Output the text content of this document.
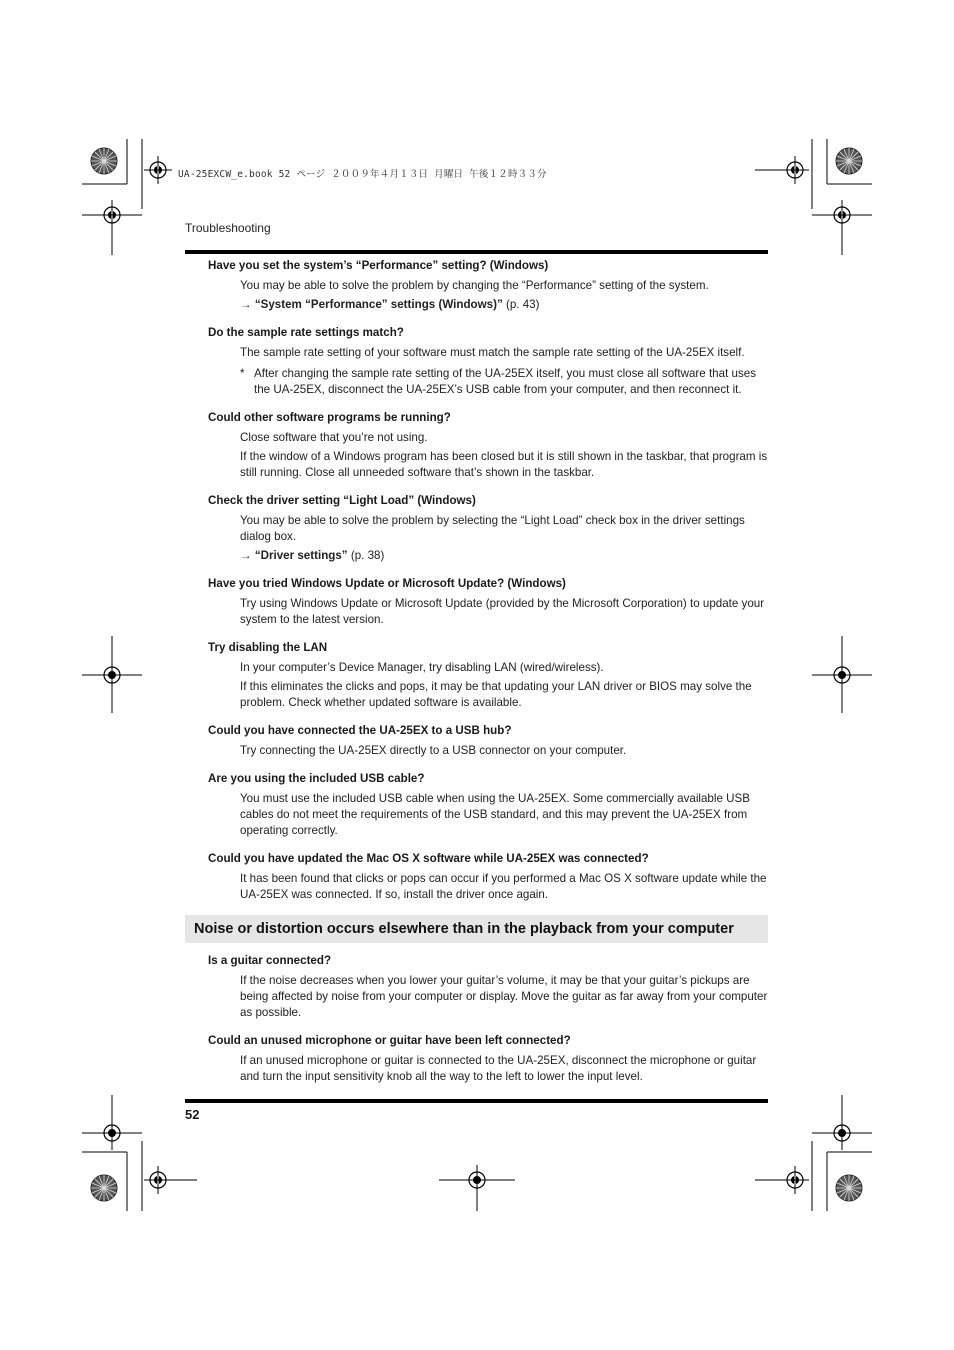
UA-25EXCW_e.book 52 ページ ２００９年４月１３日 月曜日 午後１２時３３分
Troubleshooting
Have you set the system’s “Performance” setting? (Windows)
You may be able to solve the problem by changing the “Performance” setting of the system.
→ “System “Performance” settings (Windows)” (p. 43)
Do the sample rate settings match?
The sample rate setting of your software must match the sample rate setting of the UA-25EX itself.
* After changing the sample rate setting of the UA-25EX itself, you must close all software that uses the UA-25EX, disconnect the UA-25EX’s USB cable from your computer, and then reconnect it.
Could other software programs be running?
Close software that you’re not using.
If the window of a Windows program has been closed but it is still shown in the taskbar, that program is still running. Close all unneeded software that’s shown in the taskbar.
Check the driver setting “Light Load” (Windows)
You may be able to solve the problem by selecting the “Light Load” check box in the driver settings dialog box.
→ “Driver settings” (p. 38)
Have you tried Windows Update or Microsoft Update? (Windows)
Try using Windows Update or Microsoft Update (provided by the Microsoft Corporation) to update your system to the latest version.
Try disabling the LAN
In your computer’s Device Manager, try disabling LAN (wired/wireless).
If this eliminates the clicks and pops, it may be that updating your LAN driver or BIOS may solve the problem. Check whether updated software is available.
Could you have connected the UA-25EX to a USB hub?
Try connecting the UA-25EX directly to a USB connector on your computer.
Are you using the included USB cable?
You must use the included USB cable when using the UA-25EX. Some commercially available USB cables do not meet the requirements of the USB standard, and this may prevent the UA-25EX from operating correctly.
Could you have updated the Mac OS X software while UA-25EX was connected?
It has been found that clicks or pops can occur if you performed a Mac OS X software update while the UA-25EX was connected. If so, install the driver once again.
Noise or distortion occurs elsewhere than in the playback from your computer
Is a guitar connected?
If the noise decreases when you lower your guitar’s volume, it may be that your guitar’s pickups are being affected by noise from your computer or display. Move the guitar as far away from your computer as possible.
Could an unused microphone or guitar have been left connected?
If an unused microphone or guitar is connected to the UA-25EX, disconnect the microphone or guitar and turn the input sensitivity knob all the way to the left to lower the input level.
52
